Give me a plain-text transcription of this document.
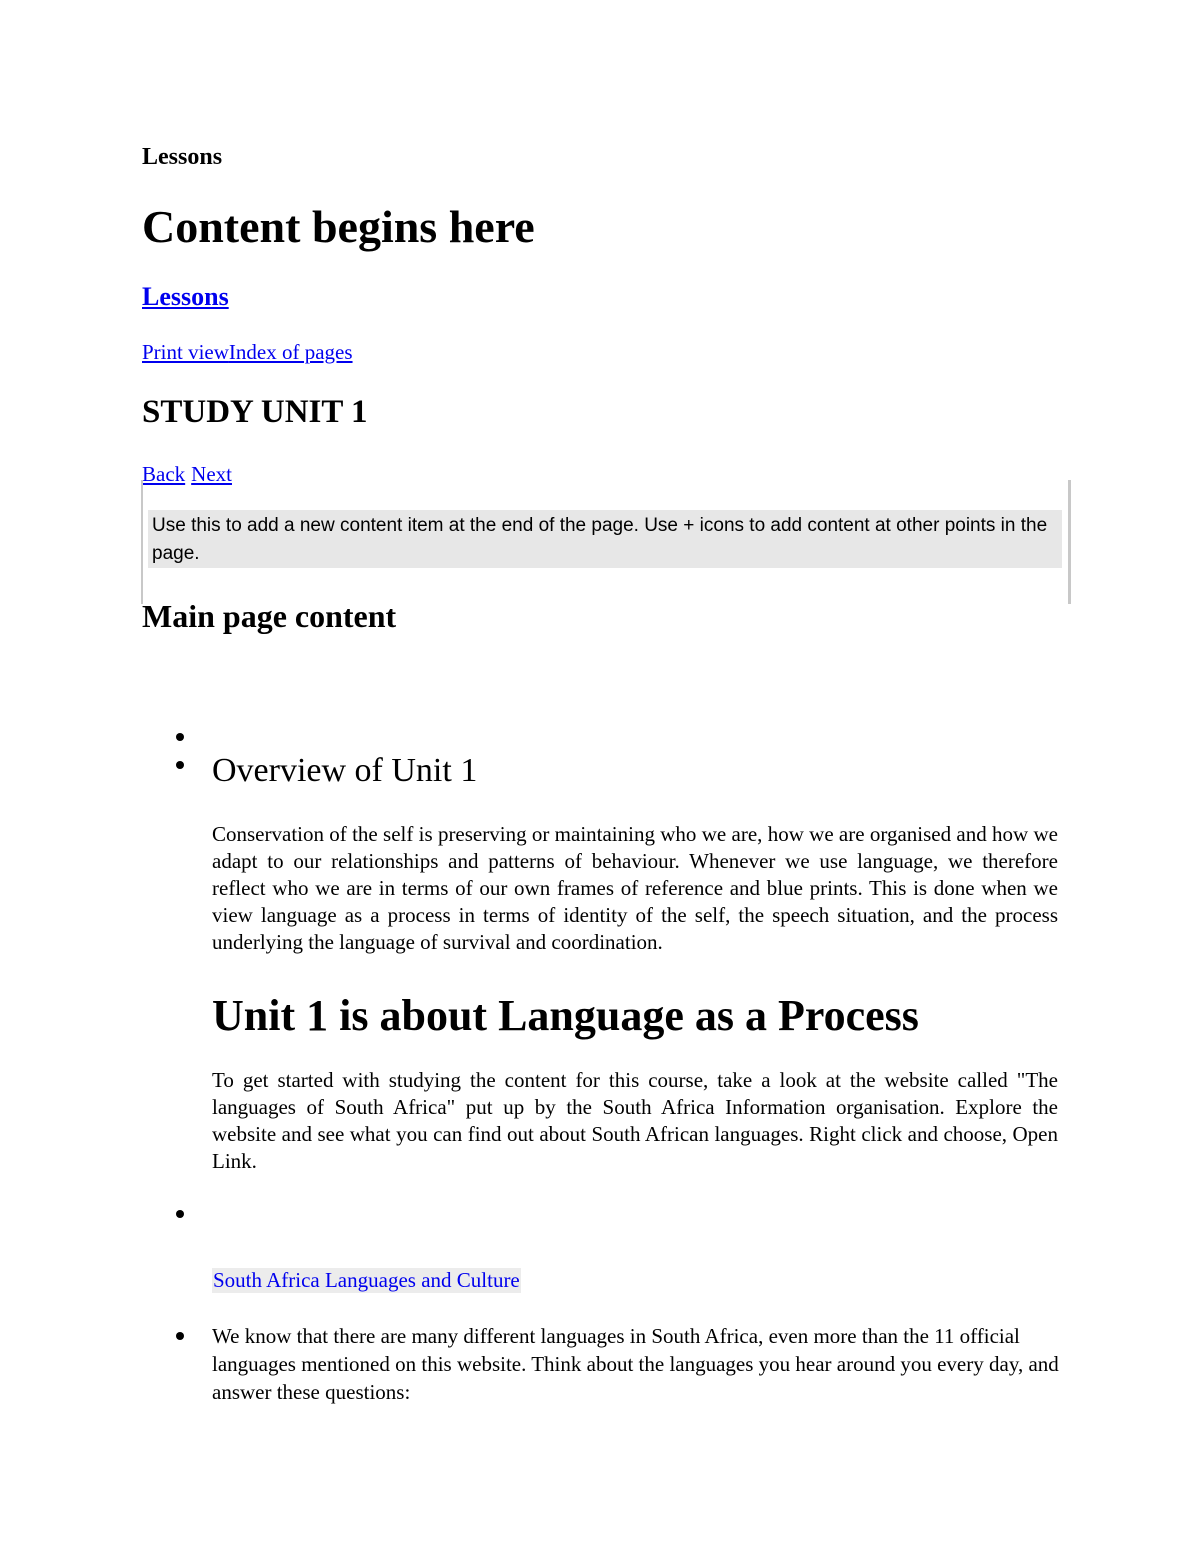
Lessons
Content begins here
Lessons
Print viewIndex of pages
STUDY UNIT 1
Back Next
Use this to add a new content item at the end of the page. Use + icons to add content at other points in the page.
Main page content
Overview of Unit 1

Conservation of the self is preserving or maintaining who we are, how we are organised and how we adapt to our relationships and patterns of behaviour. Whenever we use language, we therefore reflect who we are in terms of our own frames of reference and blue prints. This is done when we view language as a process in terms of identity of the self, the speech situation, and the process underlying the language of survival and coordination.

Unit 1 is about Language as a Process

To get started with studying the content for this course, take a look at the website called "The languages of South Africa" put up by the South Africa Information organisation. Explore the website and see what you can find out about South African languages. Right click and choose, Open Link.

South Africa Languages and Culture

We know that there are many different languages in South Africa, even more than the 11 official languages mentioned on this website. Think about the languages you hear around you every day, and answer these questions:
